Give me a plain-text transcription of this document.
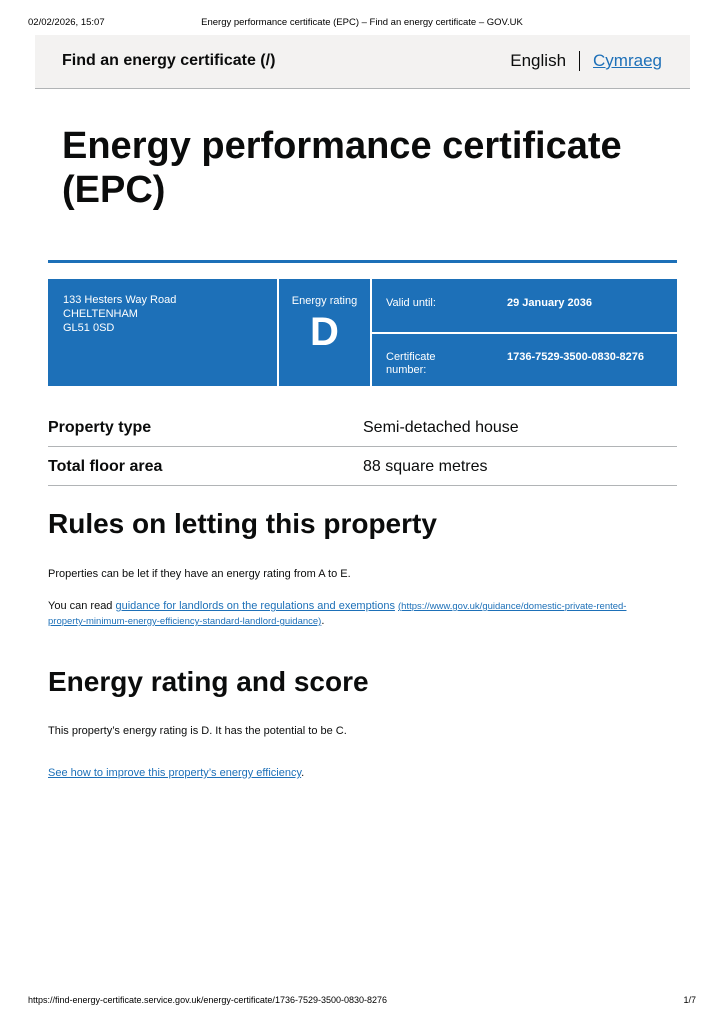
02/02/2026, 15:07	Energy performance certificate (EPC) – Find an energy certificate – GOV.UK
Find an energy certificate (/)	English Cymraeg
Energy performance certificate (EPC)
133 Hesters Way Road
CHELTENHAM
GL51 0SD
Energy rating
D
Valid until:	29 January 2036
Certificate number:
1736-7529-3500-0830-8276
Property type	Semi-detached house
Total floor area	88 square metres
Rules on letting this property

Properties can be let if they have an energy rating from A to E.

You can read guidance for landlords on the regulations and exemptions (https://www.gov.uk/guidance/domestic-private-rented-property-minimum-energy-efficiency-standard-landlord-guidance).

Energy rating and score

This property’s energy rating is D. It has the potential to be C.

See how to improve this property’s energy efficiency.

https://find-energy-certificate.service.gov.uk/energy-certificate/1736-7529-3500-0830-8276	1/7
